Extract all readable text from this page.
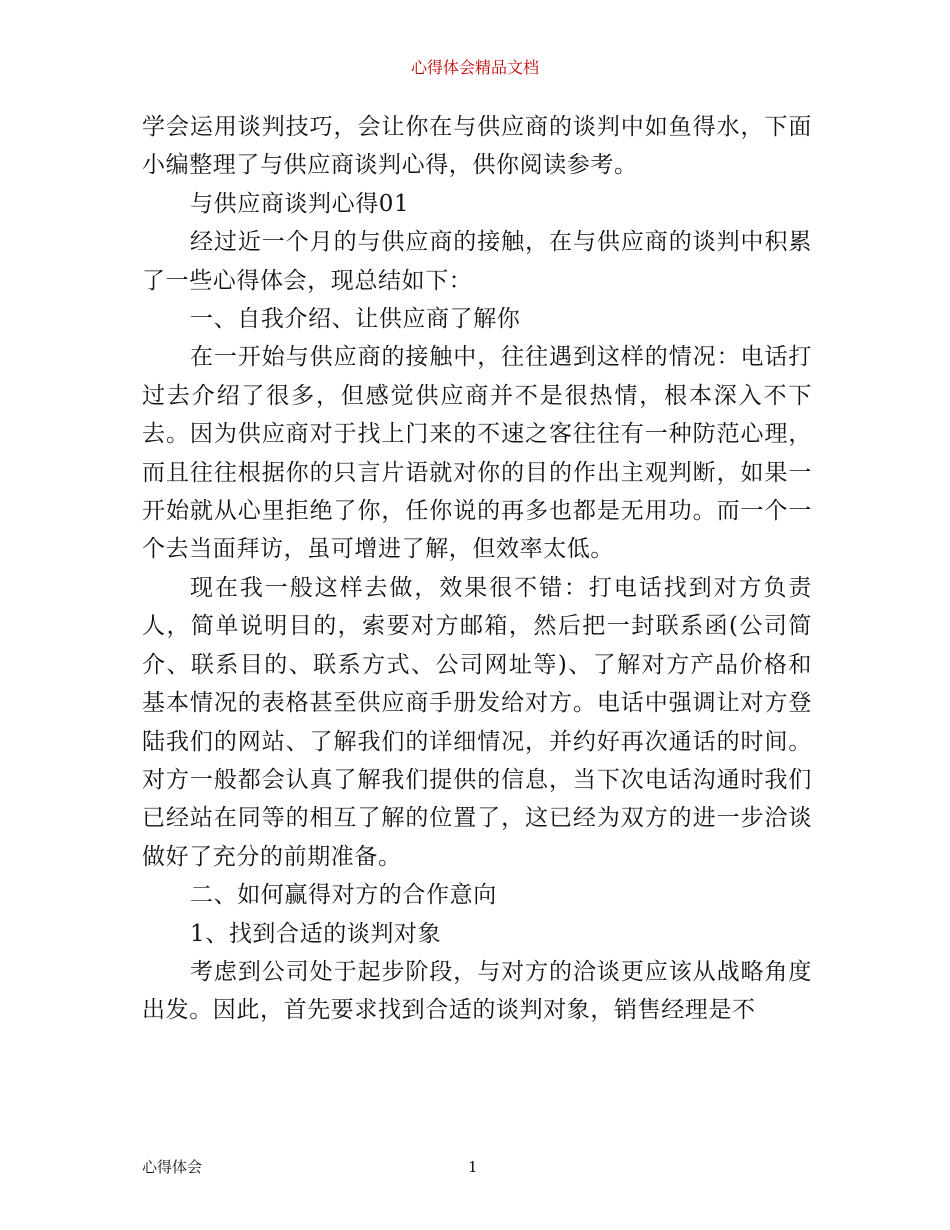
心得体会精品文档

学会运用谈判技巧，会让你在与供应商的谈判中如鱼得水，下面小编整理了与供应商谈判心得，供你阅读参考。

与供应商谈判心得01

经过近一个月的与供应商的接触，在与供应商的谈判中积累了一些心得体会，现总结如下：

一、自我介绍、让供应商了解你

在一开始与供应商的接触中，往往遇到这样的情况：电话打过去介绍了很多，但感觉供应商并不是很热情，根本深入不下去。因为供应商对于找上门来的不速之客往往有一种防范心理，而且往往根据你的只言片语就对你的目的作出主观判断，如果一开始就从心里拒绝了你，任你说的再多也都是无用功。而一个一个去当面拜访，虽可增进了解，但效率太低。

现在我一般这样去做，效果很不错：打电话找到对方负责人，简单说明目的，索要对方邮箱，然后把一封联系函(公司简介、联系目的、联系方式、公司网址等)、了解对方产品价格和基本情况的表格甚至供应商手册发给对方。电话中强调让对方登陆我们的网站、了解我们的详细情况，并约好再次通话的时间。对方一般都会认真了解我们提供的信息，当下次电话沟通时我们已经站在同等的相互了解的位置了，这已经为双方的进一步洽谈做好了充分的前期准备。

二、如何赢得对方的合作意向

1、找到合适的谈判对象

考虑到公司处于起步阶段，与对方的洽谈更应该从战略角度出发。因此，首先要求找到合适的谈判对象，销售经理是不

心得体会	1
